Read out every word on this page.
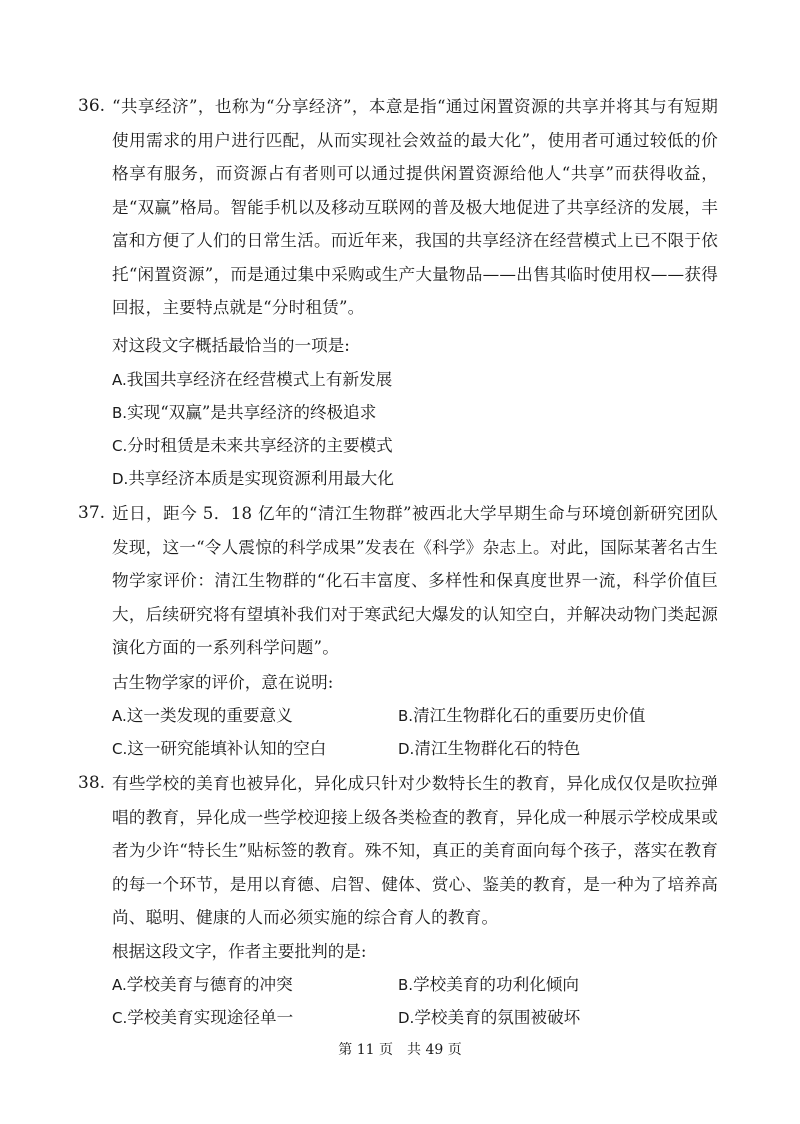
36. “共享经济”，也称为“分享经济”，本意是指“通过闲置资源的共享并将其与有短期使用需求的用户进行匹配，从而实现社会效益的最大化”，使用者可通过较低的价格享有服务，而资源占有者则可以通过提供闲置资源给他人“共享”而获得收益，是“双赢”格局。智能手机以及移动互联网的普及极大地促进了共享经济的发展，丰富和方便了人们的日常生活。而近年来，我国的共享经济在经营模式上已不限于依托“闲置资源”，而是通过集中采购或生产大量物品——出售其临时使用权——获得回报，主要特点就是“分时租赁”。

对这段文字概括最恰当的一项是:

A.我国共享经济在经营模式上有新发展

B.实现“双赢”是共享经济的终极追求

C.分时租赁是未来共享经济的主要模式

D.共享经济本质是实现资源利用最大化

37. 近日，距今 5．18 亿年的“清江生物群”被西北大学早期生命与环境创新研究团队发现，这一“令人震惊的科学成果”发表在《科学》杂志上。对此，国际某著名古生物学家评价：清江生物群的“化石丰富度、多样性和保真度世界一流，科学价值巨大，后续研究将有望填补我们对于寒武纪大爆发的认知空白，并解决动物门类起源演化方面的一系列科学问题”。

古生物学家的评价，意在说明:

A.这一类发现的重要意义	B.清江生物群化石的重要历史价值

C.这一研究能填补认知的空白	D.清江生物群化石的特色

38. 有些学校的美育也被异化，异化成只针对少数特长生的教育，异化成仅仅是吹拉弹唱的教育，异化成一些学校迎接上级各类检查的教育，异化成一种展示学校成果或者为少许“特长生”贴标签的教育。殊不知，真正的美育面向每个孩子，落实在教育的每一个环节，是用以育德、启智、健体、赏心、鉴美的教育，是一种为了培养高尚、聪明、健康的人而必须实施的综合育人的教育。

根据这段文字，作者主要批判的是:

A.学校美育与德育的冲突	B.学校美育的功利化倾向

C.学校美育实现途径单一	D.学校美育的氛围被破坏

第 11 页　共 49 页
